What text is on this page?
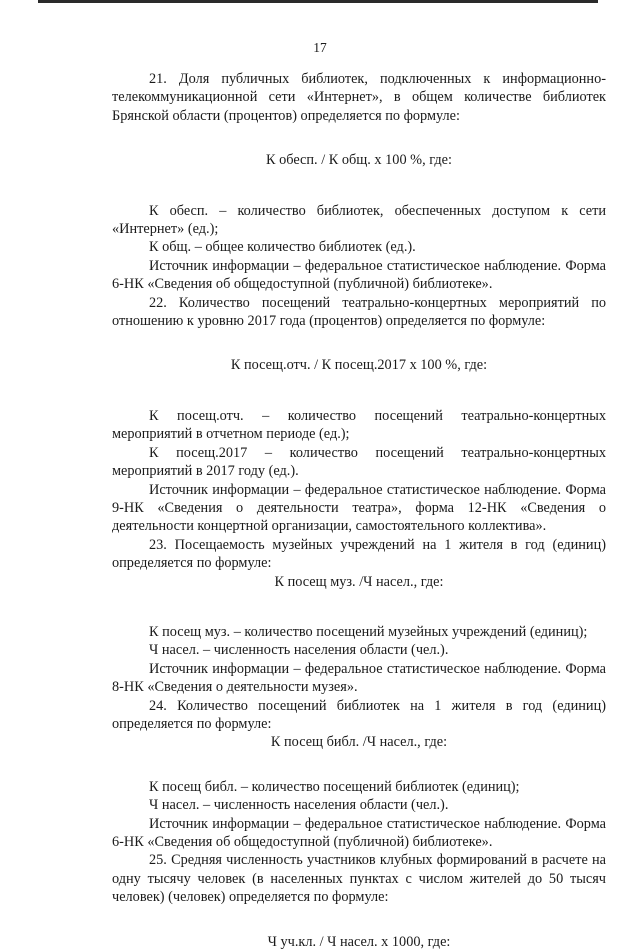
17

21. Доля публичных библиотек, подключенных к информационно-телекоммуникационной сети «Интернет», в общем количестве библиотек Брянской области (процентов) определяется по формуле:

К обесп. / К общ. х 100 %, где:

К обесп. – количество библиотек, обеспеченных доступом к сети «Интернет» (ед.);

К общ. – общее количество библиотек (ед.).

Источник информации – федеральное статистическое наблюдение. Форма 6-НК «Сведения об общедоступной (публичной) библиотеке».

22. Количество посещений театрально-концертных мероприятий по отношению к уровню 2017 года (процентов) определяется по формуле:

К посещ.отч. / К посещ.2017 х 100 %, где:

К посещ.отч. – количество посещений театрально-концертных мероприятий в отчетном периоде (ед.);

К посещ.2017 – количество посещений театрально-концертных мероприятий в 2017 году (ед.).

Источник информации – федеральное статистическое наблюдение. Форма 9-НК «Сведения о деятельности театра», форма 12-НК «Сведения о деятельности концертной организации, самостоятельного коллектива».

23. Посещаемость музейных учреждений на 1 жителя в год (единиц) определяется по формуле:

К посещ муз. /Ч насел., где:

К посещ муз. – количество посещений музейных учреждений (единиц);

Ч насел. – численность населения области (чел.).

Источник информации – федеральное статистическое наблюдение. Форма 8-НК «Сведения о деятельности музея».

24. Количество посещений библиотек на 1 жителя в год (единиц) определяется по формуле:

К посещ библ. /Ч насел., где:

К посещ библ. – количество посещений библиотек (единиц);

Ч насел. – численность населения области (чел.).

Источник информации – федеральное статистическое наблюдение. Форма 6-НК «Сведения об общедоступной (публичной) библиотеке».

25. Средняя численность участников клубных формирований в расчете на одну тысячу человек (в населенных пунктах с числом жителей до 50 тысяч человек) (человек) определяется по формуле:

Ч уч.кл. / Ч насел. х 1000, где:
